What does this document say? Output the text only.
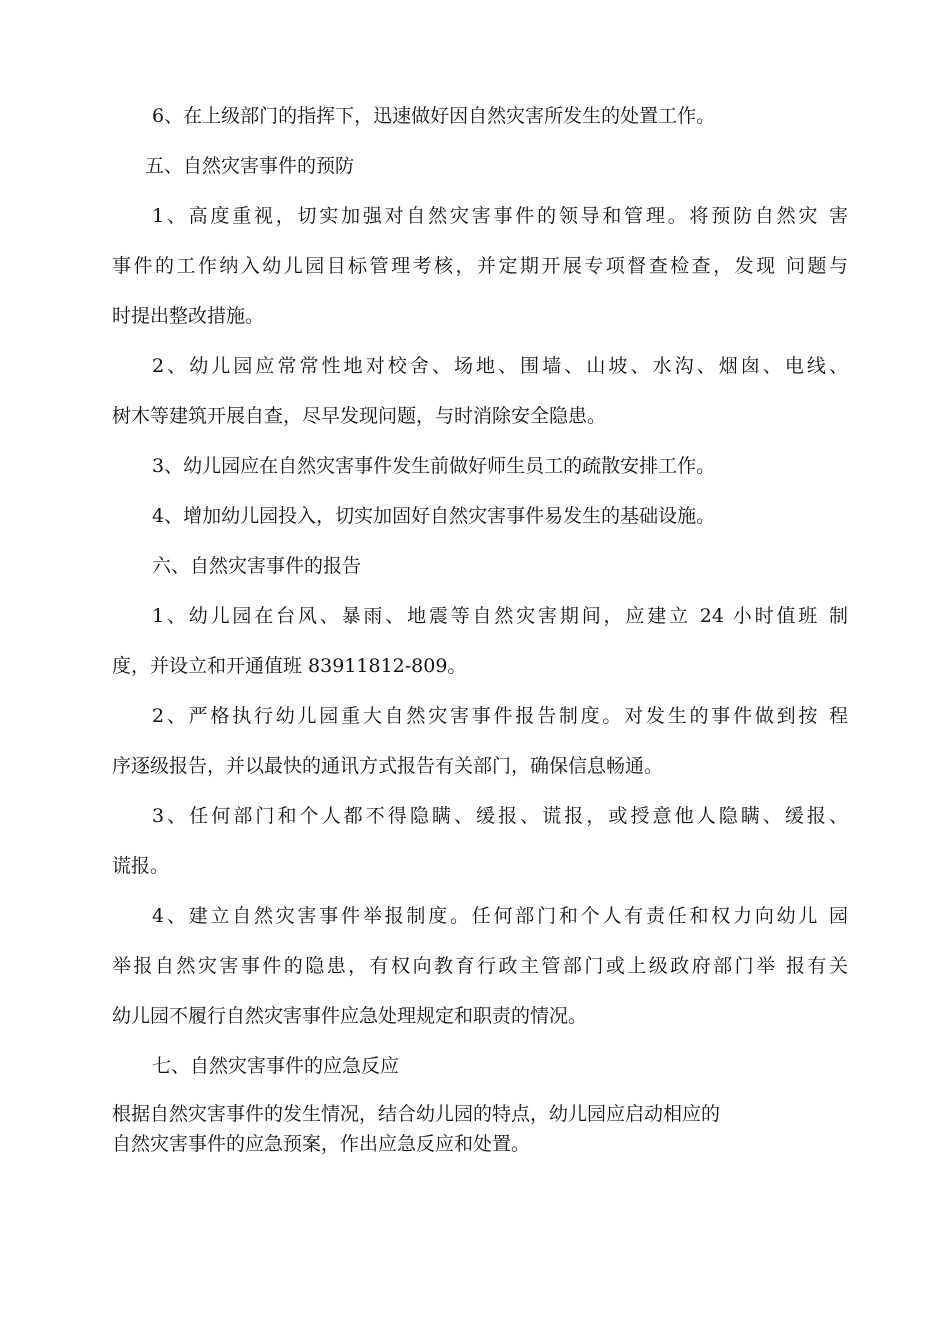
6、在上级部门的指挥下，迅速做好因自然灾害所发生的处置工作。
五、自然灾害事件的预防
1、高度重视，切实加强对自然灾害事件的领导和管理。将预防自然灾 害
事件的工作纳入幼儿园目标管理考核，并定期开展专项督查检查，发现 问题与
时提出整改措施。
2、幼儿园应常常性地对校舍、场地、围墙、山坡、水沟、烟囱、电线、
树木等建筑开展自查，尽早发现问题，与时消除安全隐患。
3、幼儿园应在自然灾害事件发生前做好师生员工的疏散安排工作。
4、增加幼儿园投入，切实加固好自然灾害事件易发生的基础设施。
六、自然灾害事件的报告
1、幼儿园在台风、暴雨、地震等自然灾害期间，应建立 24 小时值班 制
度，并设立和开通值班 83911812-809。
2、严格执行幼儿园重大自然灾害事件报告制度。对发生的事件做到按 程
序逐级报告，并以最快的通讯方式报告有关部门，确保信息畅通。
3、任何部门和个人都不得隐瞒、缓报、谎报，或授意他人隐瞒、缓报、
谎报。
4、建立自然灾害事件举报制度。任何部门和个人有责任和权力向幼儿 园
举报自然灾害事件的隐患，有权向教育行政主管部门或上级政府部门举 报有关
幼儿园不履行自然灾害事件应急处理规定和职责的情况。
七、自然灾害事件的应急反应
根据自然灾害事件的发生情况，结合幼儿园的特点，幼儿园应启动相应的
自然灾害事件的应急预案，作出应急反应和处置。
